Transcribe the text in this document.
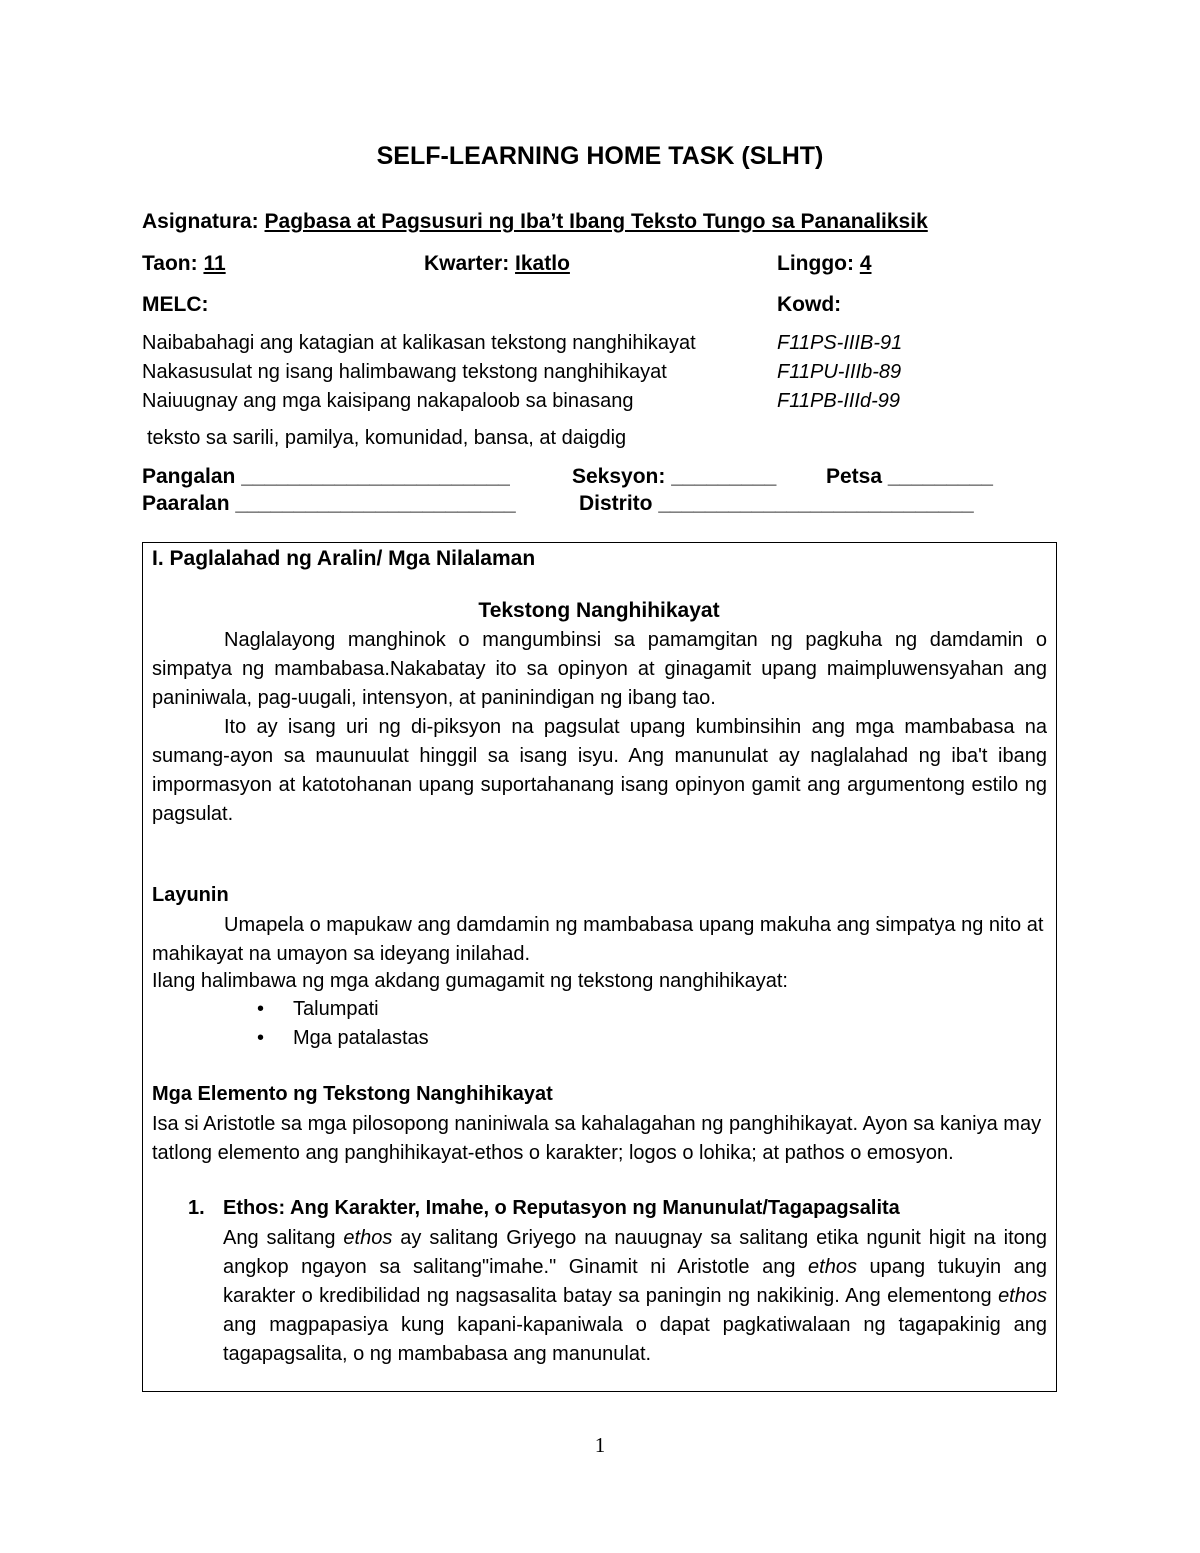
SELF-LEARNING HOME TASK (SLHT)
Asignatura: Pagbasa at Pagsusuri ng Iba’t Ibang Teksto Tungo sa Pananaliksik
Taon: 11	Kwarter: Ikatlo	Linggo: 4
MELC:	Kowd:
Naibabahagi ang katagian at kalikasan tekstong nanghihikayat	F11PS-IIIB-91
Nakasusulat ng isang halimbawang tekstong nanghihikayat	F11PU-IIIb-89
Naiuugnay ang mga kaisipang nakapaloob sa binasang	F11PB-IIId-99
teksto sa sarili, pamilya, komunidad, bansa, at daigdig
Pangalan _______________________	Seksyon: _________ Petsa _________
Paaralan ________________________	Distrito ___________________________
I. Paglalahad ng Aralin/ Mga Nilalaman
Tekstong Nanghihikayat

Naglalayong manghinok o mangumbinsi sa pamamgitan ng pagkuha ng damdamin o simpatya ng mambabasa.Nakabatay ito sa opinyon at ginagamit upang maimpluwensyahan ang paniniwala, pag-uugali, intensyon, at paninindigan ng ibang tao.

Ito ay isang uri ng di-piksyon na pagsulat upang kumbinsihin ang mga mambabasa na sumang-ayon sa maunuulat hinggil sa isang isyu. Ang manunulat ay naglalahad ng iba't ibang impormasyon at katotohanan upang suportahanang isang opinyon gamit ang argumentong estilo ng pagsulat.

Layunin

Umapela o mapukaw ang damdamin ng mambabasa upang makuha ang simpatya ng nito at mahikayat na umayon sa ideyang inilahad.

Ilang halimbawa ng mga akdang gumagamit ng tekstong nanghihikayat:
• Talumpati
• Mga patalastas
Mga Elemento ng Tekstong Nanghihikayat

Isa si Aristotle sa mga pilosopong naniniwala sa kahalagahan ng panghihikayat. Ayon sa kaniya may tatlong elemento ang panghihikayat-ethos o karakter; logos o lohika; at pathos o emosyon.

1. Ethos: Ang Karakter, Imahe, o Reputasyon ng Manunulat/Tagapagsalita

Ang salitang ethos ay salitang Griyego na nauugnay sa salitang etika ngunit higit na itong angkop ngayon sa salitang"imahe." Ginamit ni Aristotle ang ethos upang tukuyin ang karakter o kredibilidad ng nagsasalita batay sa paningin ng nakikinig. Ang elementong ethos ang magpapasiya kung kapani-kapaniwala o dapat pagkatiwalaan ng tagapakinig ang tagapagsalita, o ng mambabasa ang manunulat.

1
